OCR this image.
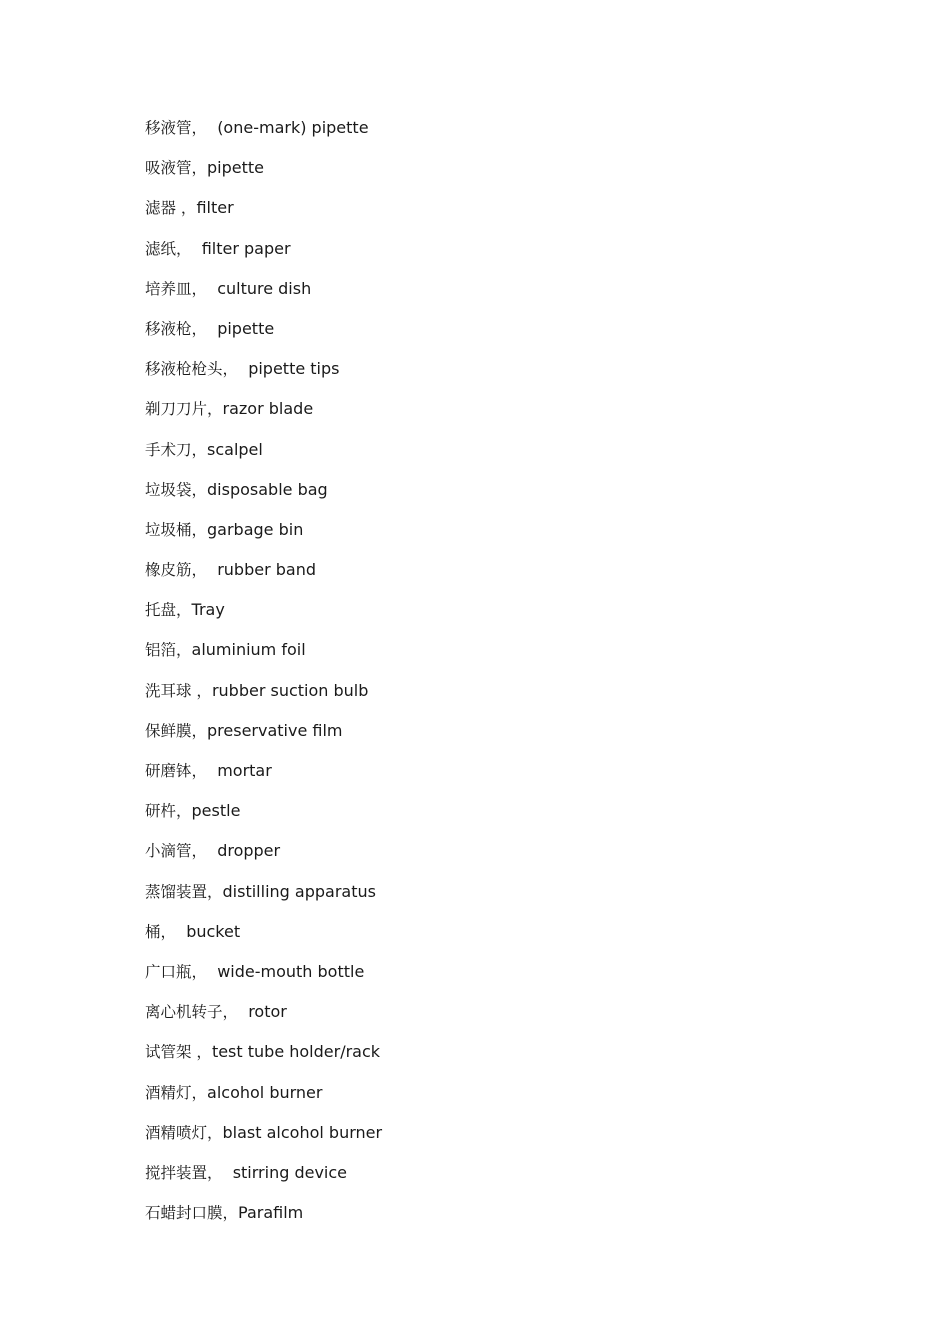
移液管， (one-mark) pipette
吸液管，pipette
滤器 ，filter
滤纸， filter paper
培养皿， culture dish
移液枪， pipette
移液枪枪头， pipette tips
剃刀刀片，razor blade
手术刀，scalpel
垃圾袋，disposable bag
垃圾桶，garbage bin
橡皮筋， rubber band
托盘，Tray
铝箔，aluminium foil
洗耳球 ，rubber suction bulb
保鲜膜，preservative film
研磨钵， mortar
研杵，pestle
小滴管， dropper
蒸馏装置，distilling apparatus
桶， bucket
广口瓶， wide-mouth bottle
离心机转子， rotor
试管架 ，test tube holder/rack
酒精灯，alcohol burner
酒精喷灯，blast alcohol burner
搅拌装置， stirring device
石蜡封口膜，Parafilm
